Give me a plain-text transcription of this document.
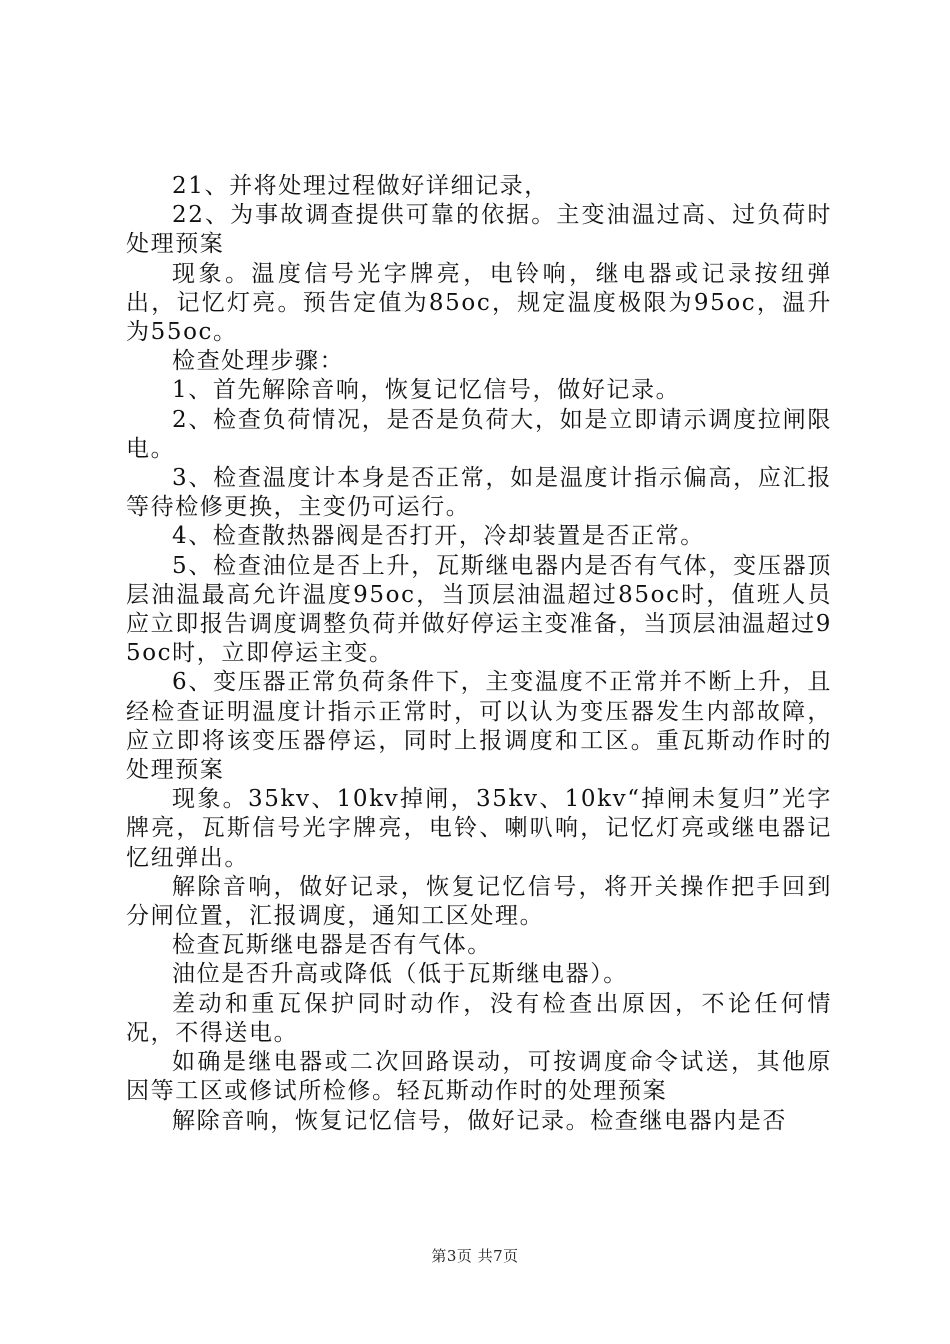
21、并将处理过程做好详细记录，

22、为事故调查提供可靠的依据。主变油温过高、过负荷时处理预案

现象。温度信号光字牌亮，电铃响，继电器或记录按纽弹出，记忆灯亮。预告定值为85oc，规定温度极限为95oc，温升为55oc。

检查处理步骤：

1、首先解除音响，恢复记忆信号，做好记录。

2、检查负荷情况，是否是负荷大，如是立即请示调度拉闸限电。

3、检查温度计本身是否正常，如是温度计指示偏高，应汇报等待检修更换，主变仍可运行。

4、检查散热器阀是否打开，冷却装置是否正常。

5、检查油位是否上升，瓦斯继电器内是否有气体，变压器顶层油温最高允许温度95oc，当顶层油温超过85oc时，值班人员应立即报告调度调整负荷并做好停运主变准备，当顶层油温超过95oc时，立即停运主变。

6、变压器正常负荷条件下，主变温度不正常并不断上升，且经检查证明温度计指示正常时，可以认为变压器发生内部故障，应立即将该变压器停运，同时上报调度和工区。重瓦斯动作时的处理预案

现象。35kv、10kv掉闸，35kv、10kv“掉闸未复归”光字牌亮，瓦斯信号光字牌亮，电铃、喇叭响，记忆灯亮或继电器记忆纽弹出。

解除音响，做好记录，恢复记忆信号，将开关操作把手回到分闸位置，汇报调度，通知工区处理。

检查瓦斯继电器是否有气体。

油位是否升高或降低（低于瓦斯继电器）。

差动和重瓦保护同时动作，没有检查出原因，不论任何情况，不得送电。

如确是继电器或二次回路误动，可按调度命令试送，其他原因等工区或修试所检修。轻瓦斯动作时的处理预案

解除音响，恢复记忆信号，做好记录。检查继电器内是否

第3页 共7页
